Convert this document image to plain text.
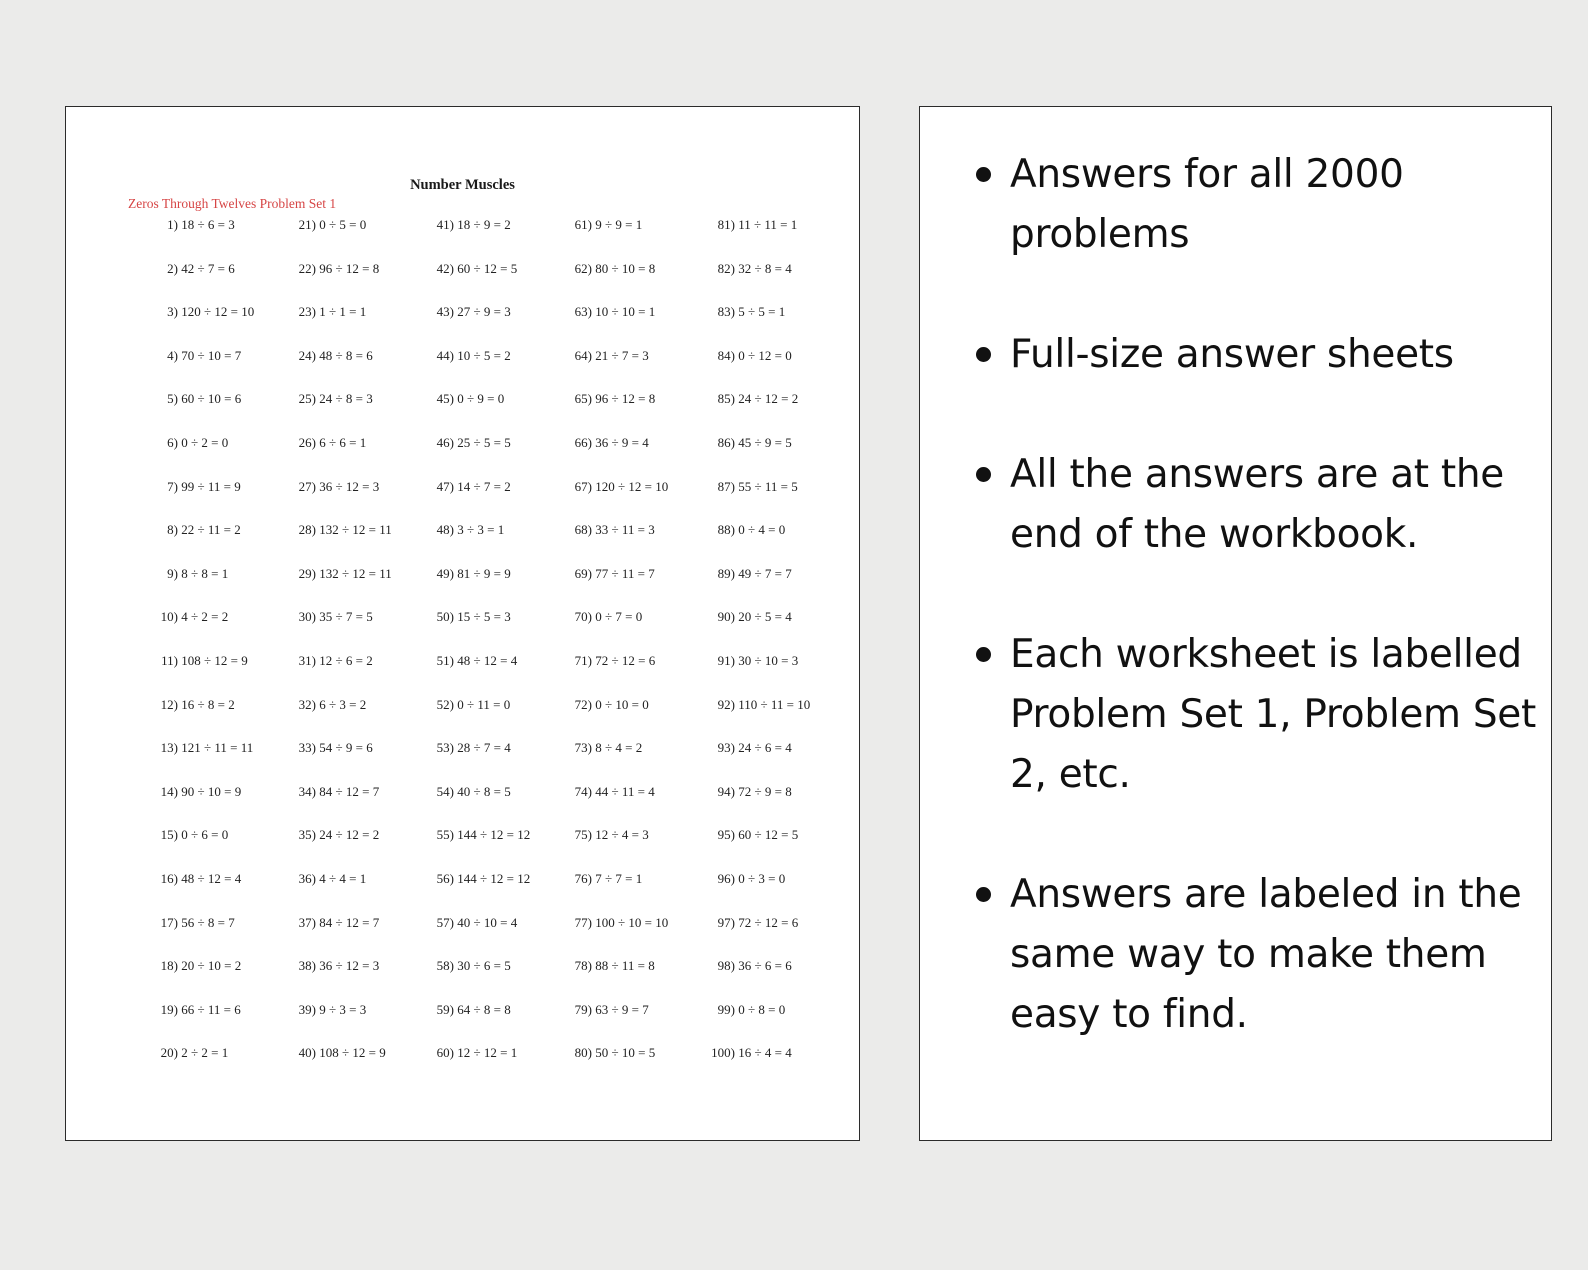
Number Muscles
Zeros Through Twelves Problem Set 1
1) 18 ÷ 6 = 3
2) 42 ÷ 7 = 6
3) 120 ÷ 12 = 10
4) 70 ÷ 10 = 7
5) 60 ÷ 10 = 6
6) 0 ÷ 2 = 0
7) 99 ÷ 11 = 9
8) 22 ÷ 11 = 2
9) 8 ÷ 8 = 1
10) 4 ÷ 2 = 2
11) 108 ÷ 12 = 9
12) 16 ÷ 8 = 2
13) 121 ÷ 11 = 11
14) 90 ÷ 10 = 9
15) 0 ÷ 6 = 0
16) 48 ÷ 12 = 4
17) 56 ÷ 8 = 7
18) 20 ÷ 10 = 2
19) 66 ÷ 11 = 6
20) 2 ÷ 2 = 1
21) 0 ÷ 5 = 0
22) 96 ÷ 12 = 8
23) 1 ÷ 1 = 1
24) 48 ÷ 8 = 6
25) 24 ÷ 8 = 3
26) 6 ÷ 6 = 1
27) 36 ÷ 12 = 3
28) 132 ÷ 12 = 11
29) 132 ÷ 12 = 11
30) 35 ÷ 7 = 5
31) 12 ÷ 6 = 2
32) 6 ÷ 3 = 2
33) 54 ÷ 9 = 6
34) 84 ÷ 12 = 7
35) 24 ÷ 12 = 2
36) 4 ÷ 4 = 1
37) 84 ÷ 12 = 7
38) 36 ÷ 12 = 3
39) 9 ÷ 3 = 3
40) 108 ÷ 12 = 9
41) 18 ÷ 9 = 2
42) 60 ÷ 12 = 5
43) 27 ÷ 9 = 3
44) 10 ÷ 5 = 2
45) 0 ÷ 9 = 0
46) 25 ÷ 5 = 5
47) 14 ÷ 7 = 2
48) 3 ÷ 3 = 1
49) 81 ÷ 9 = 9
50) 15 ÷ 5 = 3
51) 48 ÷ 12 = 4
52) 0 ÷ 11 = 0
53) 28 ÷ 7 = 4
54) 40 ÷ 8 = 5
55) 144 ÷ 12 = 12
56) 144 ÷ 12 = 12
57) 40 ÷ 10 = 4
58) 30 ÷ 6 = 5
59) 64 ÷ 8 = 8
60) 12 ÷ 12 = 1
61) 9 ÷ 9 = 1
62) 80 ÷ 10 = 8
63) 10 ÷ 10 = 1
64) 21 ÷ 7 = 3
65) 96 ÷ 12 = 8
66) 36 ÷ 9 = 4
67) 120 ÷ 12 = 10
68) 33 ÷ 11 = 3
69) 77 ÷ 11 = 7
70) 0 ÷ 7 = 0
71) 72 ÷ 12 = 6
72) 0 ÷ 10 = 0
73) 8 ÷ 4 = 2
74) 44 ÷ 11 = 4
75) 12 ÷ 4 = 3
76) 7 ÷ 7 = 1
77) 100 ÷ 10 = 10
78) 88 ÷ 11 = 8
79) 63 ÷ 9 = 7
80) 50 ÷ 10 = 5
81) 11 ÷ 11 = 1
82) 32 ÷ 8 = 4
83) 5 ÷ 5 = 1
84) 0 ÷ 12 = 0
85) 24 ÷ 12 = 2
86) 45 ÷ 9 = 5
87) 55 ÷ 11 = 5
88) 0 ÷ 4 = 0
89) 49 ÷ 7 = 7
90) 20 ÷ 5 = 4
91) 30 ÷ 10 = 3
92) 110 ÷ 11 = 10
93) 24 ÷ 6 = 4
94) 72 ÷ 9 = 8
95) 60 ÷ 12 = 5
96) 0 ÷ 3 = 0
97) 72 ÷ 12 = 6
98) 36 ÷ 6 = 6
99) 0 ÷ 8 = 0
100) 16 ÷ 4 = 4
Answers for all 2000 problems
Full-size answer sheets
All the answers are at the end of the workbook.
Each worksheet is labelled Problem Set 1, Problem Set 2, etc.
Answers are labeled in the same way to make them easy to find.
